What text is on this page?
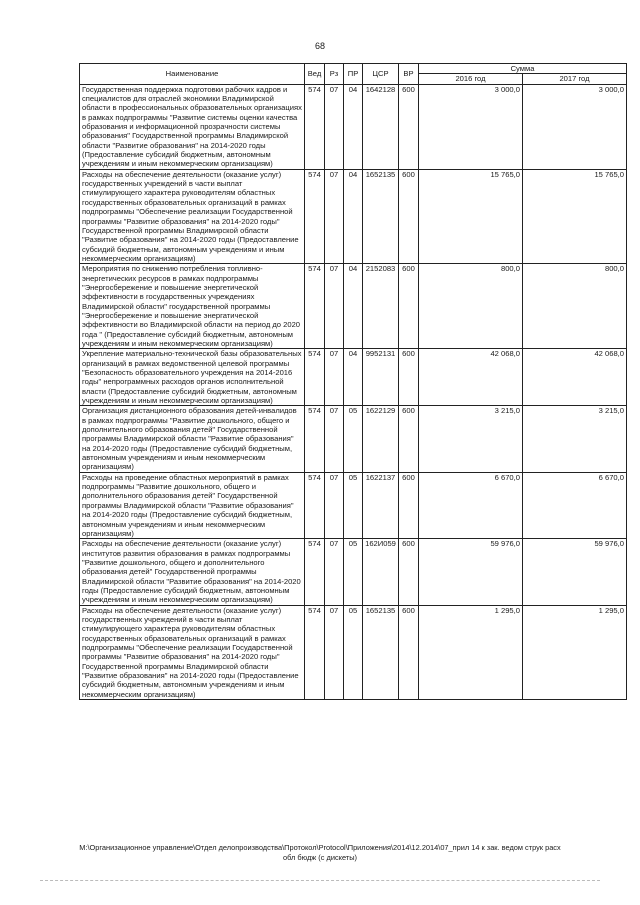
68
Наименование	Вед	Рз	ПР	ЦСР	ВР	Сумма	
						2016 год	2017 год
Государственная поддержка подготовки рабочих кадров и специалистов для отраслей экономики Владимирской области в профессиональных образовательных организациях в рамках подпрограммы "Развитие системы оценки качества образования и информационной прозрачности системы образования" Государственной программы Владимирской области "Развитие образования" на 2014-2020 годы (Предоставление субсидий бюджетным, автономным учреждениям и иным некоммерческим организациям)	574	07	04	1642128	600	3 000,0	3 000,0
Расходы на обеспечение деятельности (оказание услуг) государственных учреждений в части выплат стимулирующего характера руководителям областных государственных образовательных организаций в рамках подпрограммы "Обеспечение реализации Государственной программы "Развитие образования" на 2014-2020 годы" Государственной программы Владимирской области "Развитие образования" на 2014-2020 годы (Предоставление субсидий бюджетным, автономным учреждениям и иным некоммерческим организациям)	574	07	04	1652135	600	15 765,0	15 765,0
Мероприятия по снижению потребления топливно-энергетических ресурсов в рамках подпрограммы "Энергосбережение и повышение энергетической эффективности в государственных учреждениях Владимирской области" государственной программы "Энергосбережение и повышение энергатической эффективности во Владимирской области на период до 2020 года " (Предоставление субсидий бюджетным, автономным учреждениям и иным некоммерческим организациям)	574	07	04	2152083	600	800,0	800,0
Укрепление материально-технической базы образовательных организаций в рамках ведомственной целевой программы "Безопасность образовательного учреждения на 2014-2016 годы" непрограммных расходов органов исполнительной власти (Предоставление субсидий бюджетным, автономным учреждениям и иным некоммерческим организациям)	574	07	04	9952131	600	42 068,0	42 068,0
Организация дистанционного образования детей-инвалидов в рамках подпрограммы "Развитие дошкольного, общего и дополнительного образования детей" Государственной программы Владимирской области "Развитие образования" на 2014-2020 годы (Предоставление субсидий бюджетным, автономным учреждениям и иным некоммерческим организациям)	574	07	05	1622129	600	3 215,0	3 215,0
Расходы на проведение областных мероприятий в рамках подпрограммы "Развитие дошкольного, общего и дополнительного образования детей" Государственной программы Владимирской области "Развитие образования" на 2014-2020 годы (Предоставление субсидий бюджетным, автономным учреждениям и иным некоммерческим организациям)	574	07	05	1622137	600	6 670,0	6 670,0
Расходы на обеспечение деятельности (оказание услуг) институтов развития образования в рамках подпрограммы "Развитие дошкольного, общего и дополнительного образования детей" Государственной программы Владимирской области "Развитие образования" на 2014-2020 годы (Предоставление субсидий бюджетным, автономным учреждениям и иным некоммерческим организациям)	574	07	05	162И059	600	59 976,0	59 976,0
Расходы на обеспечение деятельности (оказание услуг) государственных учреждений в части выплат стимулирующего характера руководителям областных государственных образовательных организаций в рамках подпрограммы "Обеспечение реализации Государственной программы "Развитие образования" на 2014-2020 годы" Государственной программы Владимирской области "Развитие образования" на 2014-2020 годы (Предоставление субсидий бюджетным, автономным учреждениям и иным некоммерческим организациям)	574	07	05	1652135	600	1 295,0	1 295,0
M:\Организационное управление\Отдел делопроизводства\Протокол\Protocol\Приложения\2014\12.2014\07_прил 14 к зак. ведом струк расх
обл бюдж (с дискеты)
